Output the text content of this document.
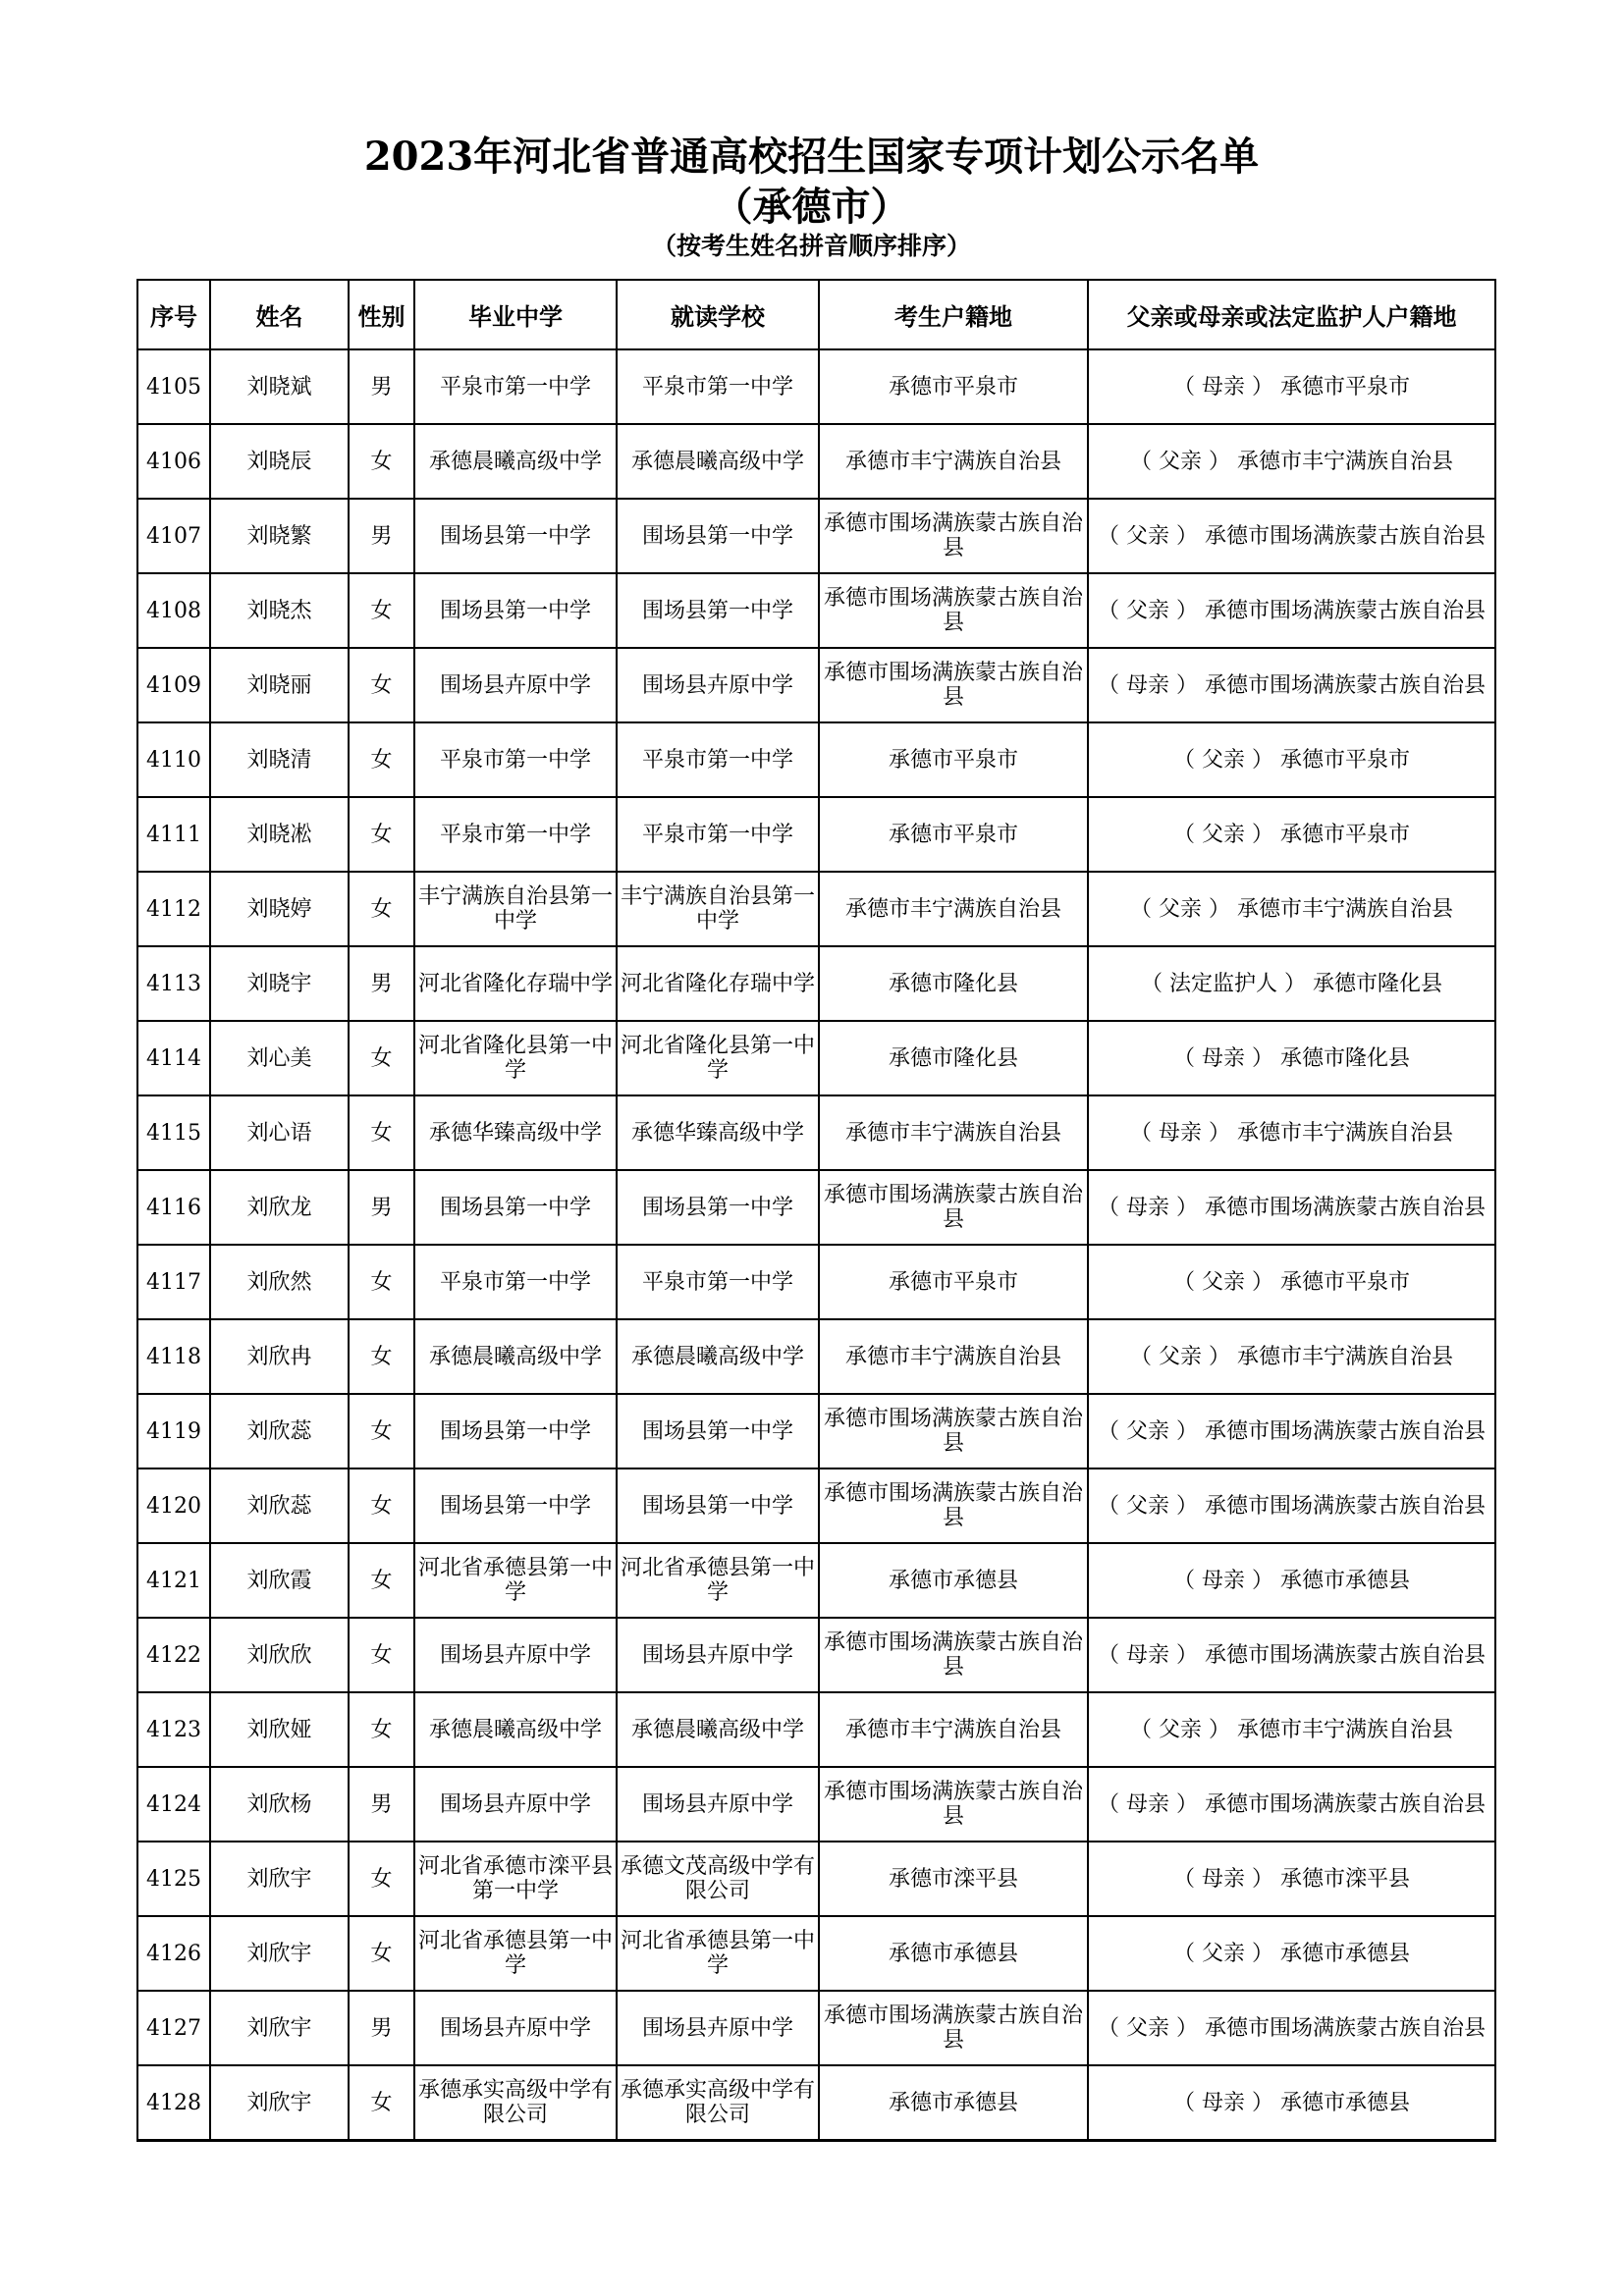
2023年河北省普通高校招生国家专项计划公示名单
（承德市）
（按考生姓名拼音顺序排序）
序号	姓名	性别	毕业中学	就读学校	考生户籍地	父亲或母亲或法定监护人户籍地
4105	刘晓斌	男	平泉市第一中学	平泉市第一中学	承德市平泉市	（ 母亲 ） 承德市平泉市
4106	刘晓辰	女	承德晨曦高级中学	承德晨曦高级中学	承德市丰宁满族自治县	（ 父亲 ） 承德市丰宁满族自治县
4107	刘晓繁	男	围场县第一中学	围场县第一中学	承德市围场满族蒙古族自治县	（ 父亲 ） 承德市围场满族蒙古族自治县
4108	刘晓杰	女	围场县第一中学	围场县第一中学	承德市围场满族蒙古族自治县	（ 父亲 ） 承德市围场满族蒙古族自治县
4109	刘晓丽	女	围场县卉原中学	围场县卉原中学	承德市围场满族蒙古族自治县	（ 母亲 ） 承德市围场满族蒙古族自治县
4110	刘晓清	女	平泉市第一中学	平泉市第一中学	承德市平泉市	（ 父亲 ） 承德市平泉市
4111	刘晓凇	女	平泉市第一中学	平泉市第一中学	承德市平泉市	（ 父亲 ） 承德市平泉市
4112	刘晓婷	女	丰宁满族自治县第一中学	丰宁满族自治县第一中学	承德市丰宁满族自治县	（ 父亲 ） 承德市丰宁满族自治县
4113	刘晓宇	男	河北省隆化存瑞中学	河北省隆化存瑞中学	承德市隆化县	（ 法定监护人 ） 承德市隆化县
4114	刘心美	女	河北省隆化县第一中学	河北省隆化县第一中学	承德市隆化县	（ 母亲 ） 承德市隆化县
4115	刘心语	女	承德华臻高级中学	承德华臻高级中学	承德市丰宁满族自治县	（ 母亲 ） 承德市丰宁满族自治县
4116	刘欣龙	男	围场县第一中学	围场县第一中学	承德市围场满族蒙古族自治县	（ 母亲 ） 承德市围场满族蒙古族自治县
4117	刘欣然	女	平泉市第一中学	平泉市第一中学	承德市平泉市	（ 父亲 ） 承德市平泉市
4118	刘欣冉	女	承德晨曦高级中学	承德晨曦高级中学	承德市丰宁满族自治县	（ 父亲 ） 承德市丰宁满族自治县
4119	刘欣蕊	女	围场县第一中学	围场县第一中学	承德市围场满族蒙古族自治县	（ 父亲 ） 承德市围场满族蒙古族自治县
4120	刘欣蕊	女	围场县第一中学	围场县第一中学	承德市围场满族蒙古族自治县	（ 父亲 ） 承德市围场满族蒙古族自治县
4121	刘欣霞	女	河北省承德县第一中学	河北省承德县第一中学	承德市承德县	（ 母亲 ） 承德市承德县
4122	刘欣欣	女	围场县卉原中学	围场县卉原中学	承德市围场满族蒙古族自治县	（ 母亲 ） 承德市围场满族蒙古族自治县
4123	刘欣娅	女	承德晨曦高级中学	承德晨曦高级中学	承德市丰宁满族自治县	（ 父亲 ） 承德市丰宁满族自治县
4124	刘欣杨	男	围场县卉原中学	围场县卉原中学	承德市围场满族蒙古族自治县	（ 母亲 ） 承德市围场满族蒙古族自治县
4125	刘欣宇	女	河北省承德市滦平县第一中学	承德文茂高级中学有限公司	承德市滦平县	（ 母亲 ） 承德市滦平县
4126	刘欣宇	女	河北省承德县第一中学	河北省承德县第一中学	承德市承德县	（ 父亲 ） 承德市承德县
4127	刘欣宇	男	围场县卉原中学	围场县卉原中学	承德市围场满族蒙古族自治县	（ 父亲 ） 承德市围场满族蒙古族自治县
4128	刘欣宇	女	承德承实高级中学有限公司	承德承实高级中学有限公司	承德市承德县	（ 母亲 ） 承德市承德县
